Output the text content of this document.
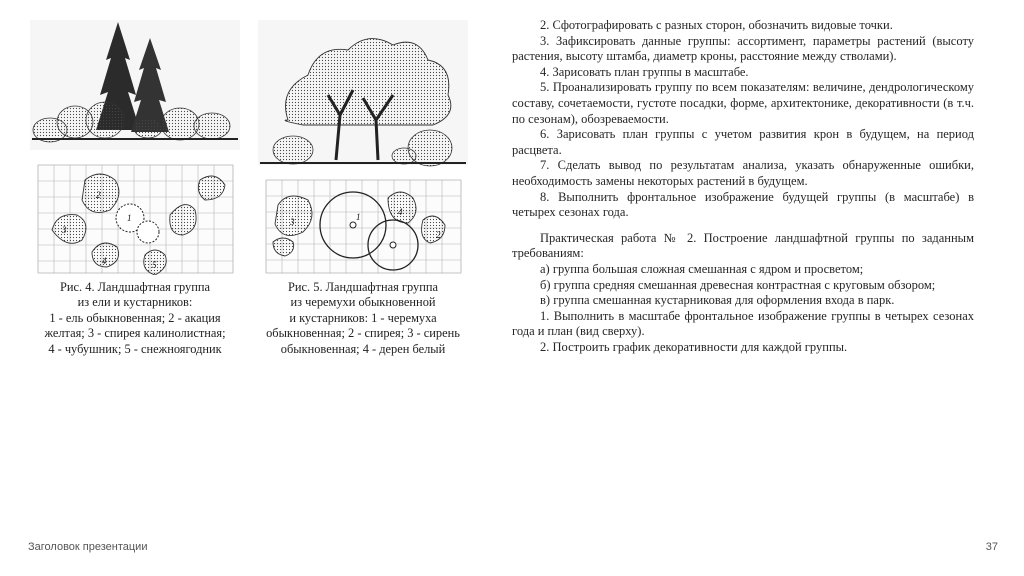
2
1
3
4	5
Рис. 4. Ландшафтная группа
из ели и кустарников:
1 - ель обыкновенная; 2 - акация
желтая; 3 - спирея калинолистная;
4 - чубушник; 5 - снежноягодник
1
2
3
4
Рис. 5. Ландшафтная группа
из черемухи обыкновенной
и кустарников: 1 - черемуха
обыкновенная; 2 - спирея; 3 - сирень
обыкновенная; 4 - дерен белый

2. Сфотографировать с разных сторон, обозначить видовые точки.

3. Зафиксировать данные группы: ассортимент, параметры растений (высоту растения, высоту штамба, диаметр кроны, расстояние между стволами).

4. Зарисовать план группы в масштабе.

5. Проанализировать группу по всем показателям: величине, дендрологическому составу, сочетаемости, густоте посадки, форме, архитектонике, декоративности (в т.ч. по сезонам), обозреваемости.

6. Зарисовать план группы с учетом развития крон в будущем, на период расцвета.

7. Сделать вывод по результатам анализа, указать обнаруженные ошибки, необходимость замены некоторых растений в будущем.

8. Выполнить фронтальное изображение будущей группы (в масштабе) в четырех сезонах года.

Практическая работа № 2. Построение ландшафтной группы по заданным требованиям:

а) группа большая сложная смешанная с ядром и просветом;

б) группа средняя смешанная древесная контрастная с круговым обзором;

в) группа смешанная кустарниковая для оформления входа в парк.

1. Выполнить в масштабе фронтальное изображение группы в четырех сезонах года и план (вид сверху).

2. Построить график декоративности для каждой группы.

Заголовок презентации	37
